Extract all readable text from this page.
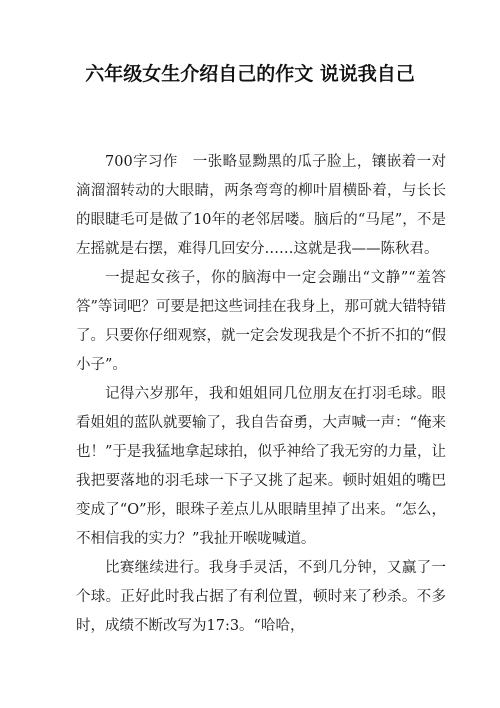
六年级女生介绍自己的作文 说说我自己

700字习作　一张略显黝黑的瓜子脸上，镶嵌着一对滴溜溜转动的大眼睛，两条弯弯的柳叶眉横卧着，与长长的眼睫毛可是做了10年的老邻居喽。脑后的“马尾”，不是左摇就是右摆，难得几回安分……这就是我——陈秋君。

一提起女孩子，你的脑海中一定会蹦出“文静”“羞答答”等词吧？可要是把这些词挂在我身上，那可就大错特错了。只要你仔细观察，就一定会发现我是个不折不扣的“假小子”。

记得六岁那年，我和姐姐同几位朋友在打羽毛球。眼看姐姐的蓝队就要输了，我自告奋勇，大声喊一声：“俺来也！”于是我猛地拿起球拍，似乎神给了我无穷的力量，让我把要落地的羽毛球一下子又挑了起来。顿时姐姐的嘴巴变成了“O”形，眼珠子差点儿从眼睛里掉了出来。“怎么，不相信我的实力？”我扯开喉咙喊道。

比赛继续进行。我身手灵活，不到几分钟，又赢了一个球。正好此时我占据了有利位置，顿时来了秒杀。不多时，成绩不断改写为17:3。“哈哈，
